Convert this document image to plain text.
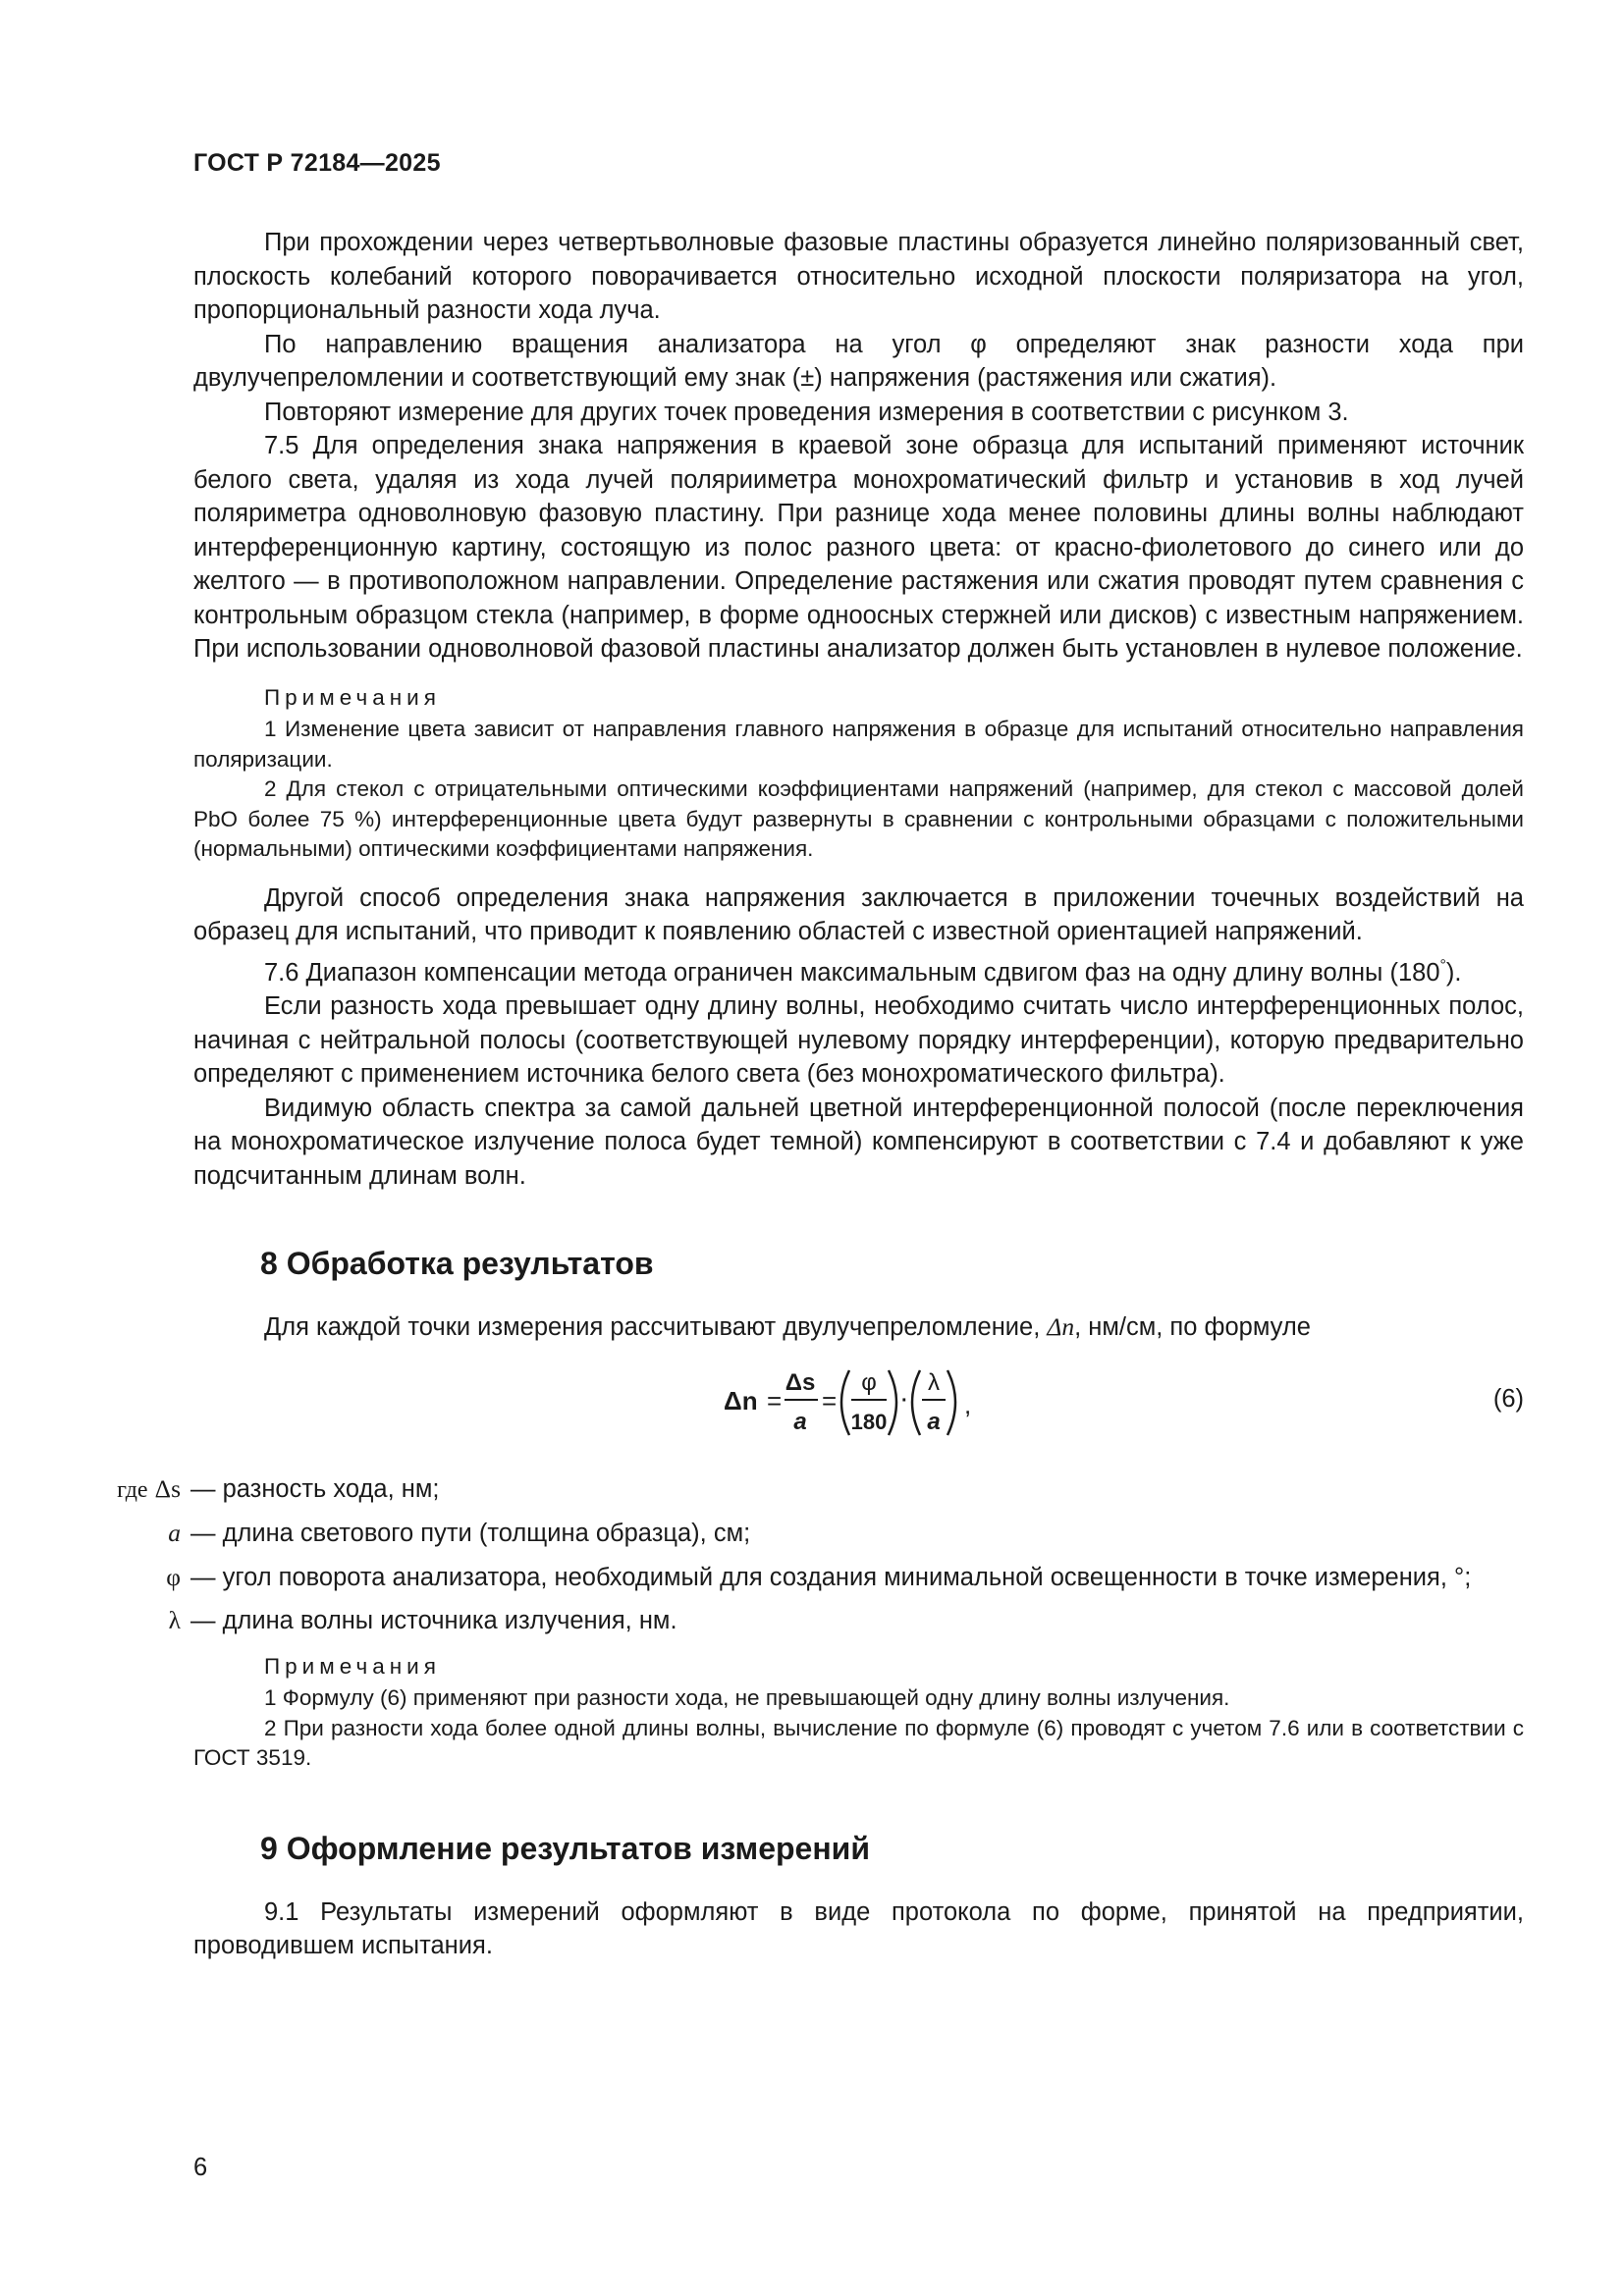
ГОСТ Р 72184—2025

При прохождении через четвертьволновые фазовые пластины образуется линейно поляризованный свет, плоскость колебаний которого поворачивается относительно исходной плоскости поляризатора на угол, пропорциональный разности хода луча.

По направлению вращения анализатора на угол φ определяют знак разности хода при двулучепреломлении и соответствующий ему знак (±) напряжения (растяжения или сжатия).

Повторяют измерение для других точек проведения измерения в соответствии с рисунком 3.

7.5 Для определения знака напряжения в краевой зоне образца для испытаний применяют источник белого света, удаляя из хода лучей полярииметра монохроматический фильтр и установив в ход лучей поляриметра одноволновую фазовую пластину. При разнице хода менее половины длины волны наблюдают интерференционную картину, состоящую из полос разного цвета: от красно-фиолетового до синего или до желтого — в противоположном направлении. Определение растяжения или сжатия проводят путем сравнения с контрольным образцом стекла (например, в форме одноосных стержней или дисков) с известным напряжением. При использовании одноволновой фазовой пластины анализатор должен быть установлен в нулевое положение.

Примечания

1 Изменение цвета зависит от направления главного напряжения в образце для испытаний относительно направления поляризации.

2 Для стекол с отрицательными оптическими коэффициентами напряжений (например, для стекол с массовой долей PbO более 75 %) интерференционные цвета будут развернуты в сравнении с контрольными образцами с положительными (нормальными) оптическими коэффициентами напряжения.

Другой способ определения знака напряжения заключается в приложении точечных воздействий на образец для испытаний, что приводит к появлению областей с известной ориентацией напряжений.

7.6 Диапазон компенсации метода ограничен максимальным сдвигом фаз на одну длину волны (180°).

Если разность хода превышает одну длину волны, необходимо считать число интерференционных полос, начиная с нейтральной полосы (соответствующей нулевому порядку интерференции), которую предварительно определяют с применением источника белого света (без монохроматического фильтра).

Видимую область спектра за самой дальней цветной интерференционной полосой (после переключения на монохроматическое излучение полоса будет темной) компенсируют в соответствии с 7.4 и добавляют к уже подсчитанным длинам волн.

8 Обработка результатов

Для каждой точки измерения рассчитывают двулучепреломление, Δn, нм/см, по формуле

Δn =
Δs
a
=
φ
180
·
λ
a
,	(6)
где Δs — разность хода, нм;
a — длина светового пути (толщина образца), см;
φ — угол поворота анализатора, необходимый для создания минимальной освещенности в точке измерения, °;
λ — длина волны источника излучения, нм.
Примечания

1 Формулу (6) применяют при разности хода, не превышающей одну длину волны излучения.

2 При разности хода более одной длины волны, вычисление по формуле (6) проводят с учетом 7.6 или в соответствии с ГОСТ 3519.

9 Оформление результатов измерений

9.1 Результаты измерений оформляют в виде протокола по форме, принятой на предприятии, проводившем испытания.

6
